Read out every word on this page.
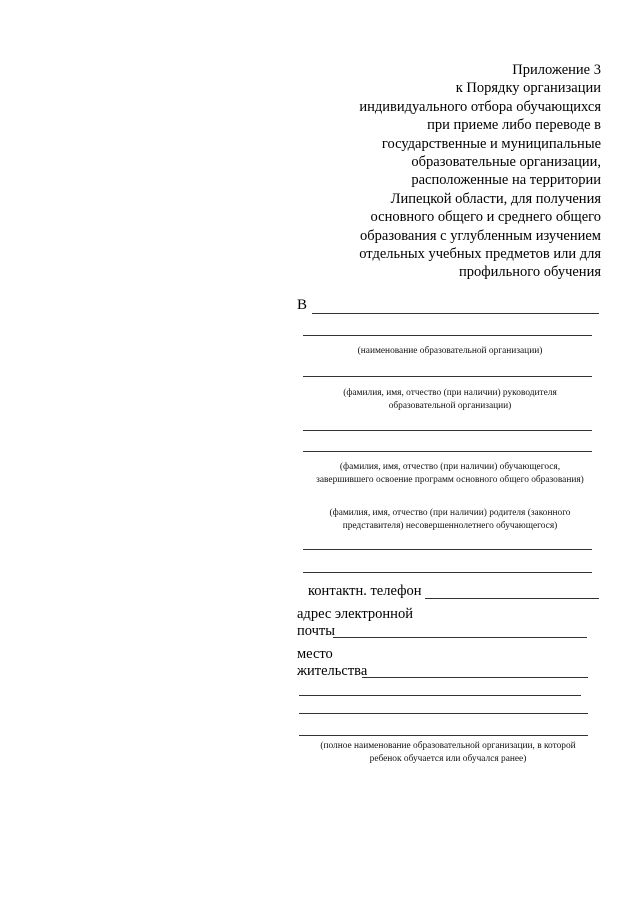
Приложение 3
к Порядку организации
индивидуального отбора обучающихся
при приеме либо переводе в
государственные и муниципальные
образовательные организации,
расположенные на территории
Липецкой области, для получения
основного общего и среднего общего
образования с углубленным изучением
отдельных учебных предметов или для
профильного обучения
В
(наименование образовательной организации)
(фамилия, имя, отчество (при наличии) руководителя образовательной организации)
(фамилия, имя, отчество (при наличии) обучающегося, завершившего освоение программ основного общего образования)
(фамилия, имя, отчество (при наличии) родителя (законного представителя) несовершеннолетнего обучающегося)
контактн. телефон
адрес электронной
почты
место
жительства
(полное наименование образовательной организации, в которой ребенок обучается или обучался ранее)
